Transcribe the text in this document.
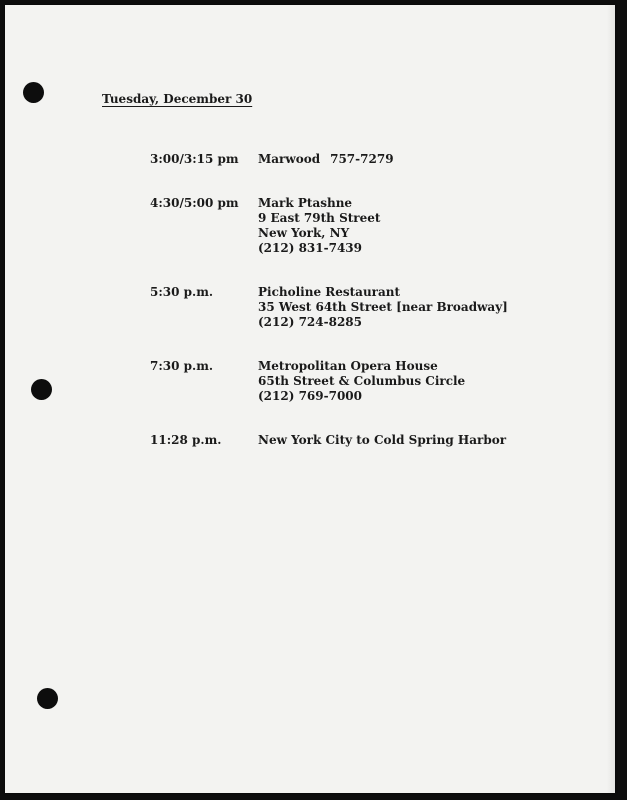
Tuesday, December 30
3:00/3:15 pm Marwood 757-7279
4:30/5:00 pm Mark Ptashne
9 East 79th Street
New York, NY
(212) 831-7439
5:30 p.m.	Picholine Restaurant
35 West 64th Street [near Broadway]
(212) 724-8285
7:30 p.m.	Metropolitan Opera House
65th Street & Columbus Circle
(212) 769-7000
11:28 p.m.	New York City to Cold Spring Harbor
